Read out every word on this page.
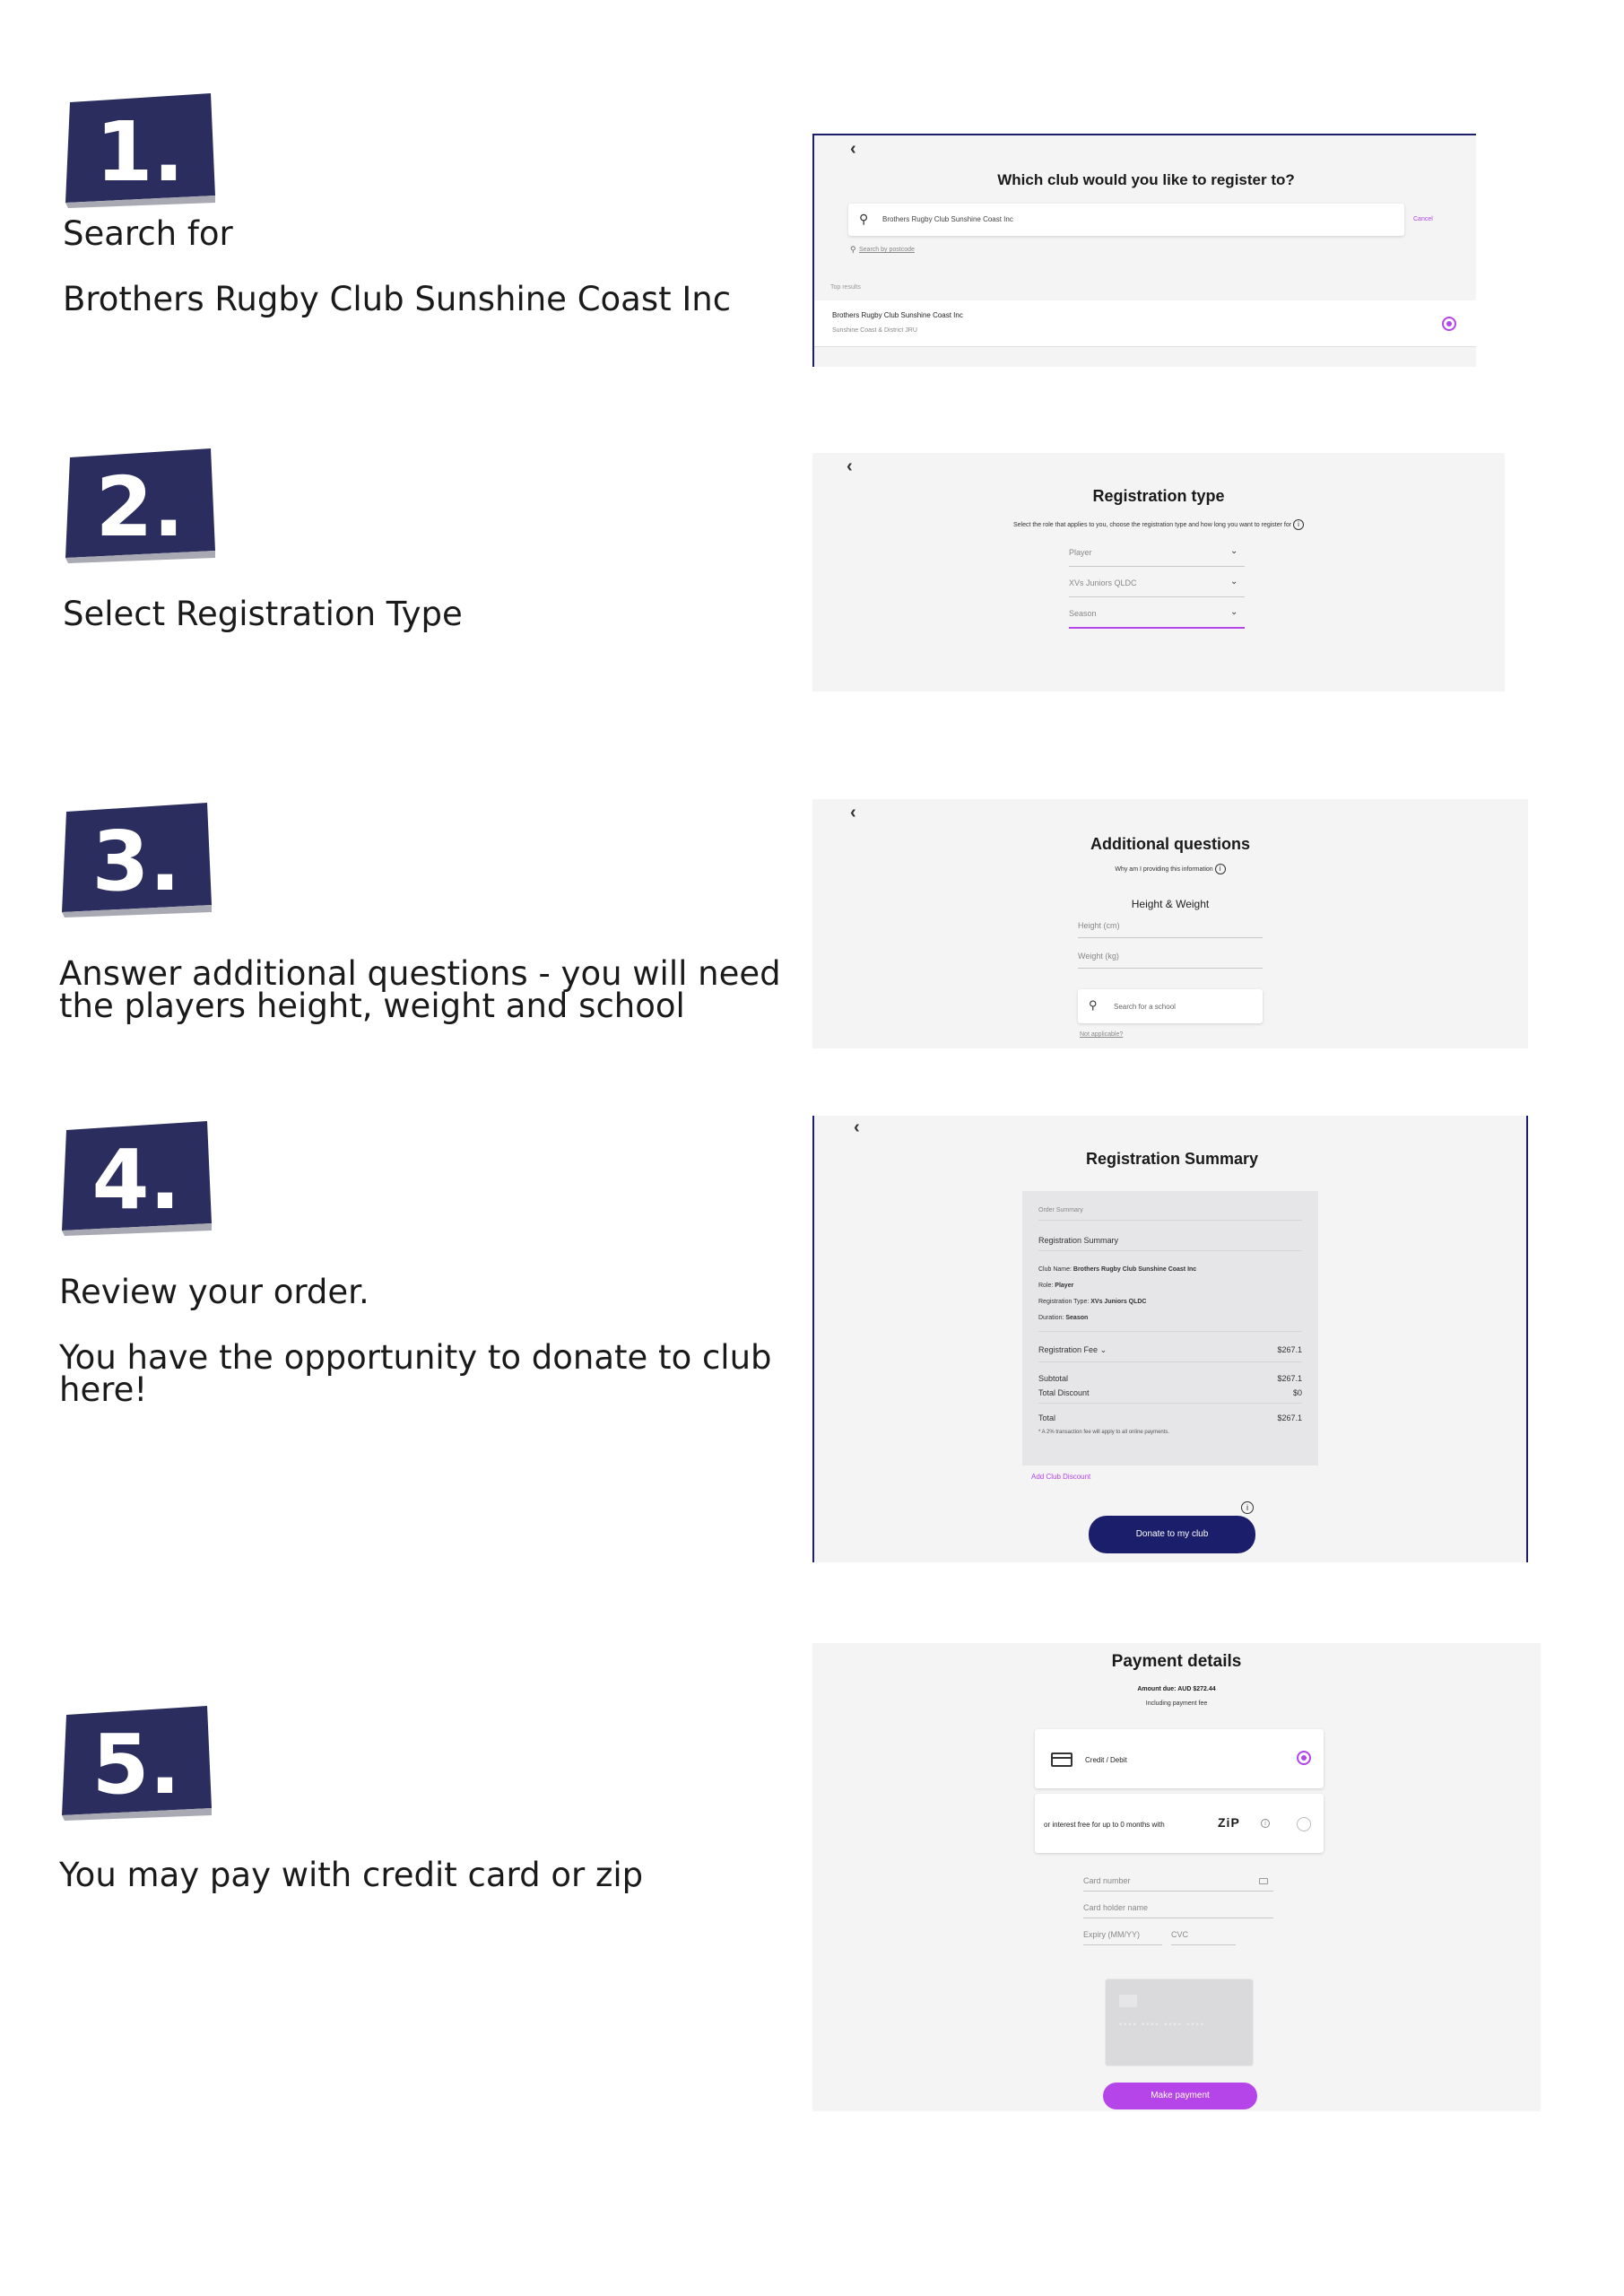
1.
Search for
Brothers Rugby Club Sunshine Coast Inc
‹
Which club would you like to register to?
⚲ Brothers Rugby Club Sunshine Coast Inc	Cancel
⚲ Search by postcode
Top results
Brothers Rugby Club Sunshine Coast Inc
Sunshine Coast & District JRU
2.
Select Registration Type
‹
Registration type
Select the role that applies to you, choose the registration type and how long you want to register for i
Player	⌄
XVs Juniors QLDC	⌄
Season	⌄
3.
Answer additional questions - you will need
the players height, weight and school
‹
Additional questions
Why am I providing this information i
Height & Weight
Height (cm)
Weight (kg)
⚲ Search for a school
Not applicable?
4.
Review your order.
You have the opportunity to donate to club
here!
‹
Registration Summary
Order Summary
Registration Summary
Club Name: Brothers Rugby Club Sunshine Coast Inc
Role: Player
Registration Type: XVs Juniors QLDC
Duration: Season
Registration Fee ⌄	$267.1
Subtotal	$267.1
Total Discount	$0
Total	$267.1
* A 2% transaction fee will apply to all online payments.
Add Club Discount
i
Donate to my club
5.
You may pay with credit card or zip
Payment details
Amount due: AUD $272.44
Including payment fee
Credit / Debit
or interest free for up to 0 months with	ZiP	i
Card number
Card holder name
Expiry (MM/YY)	CVC
•••• •••• •••• ••••
Make payment
